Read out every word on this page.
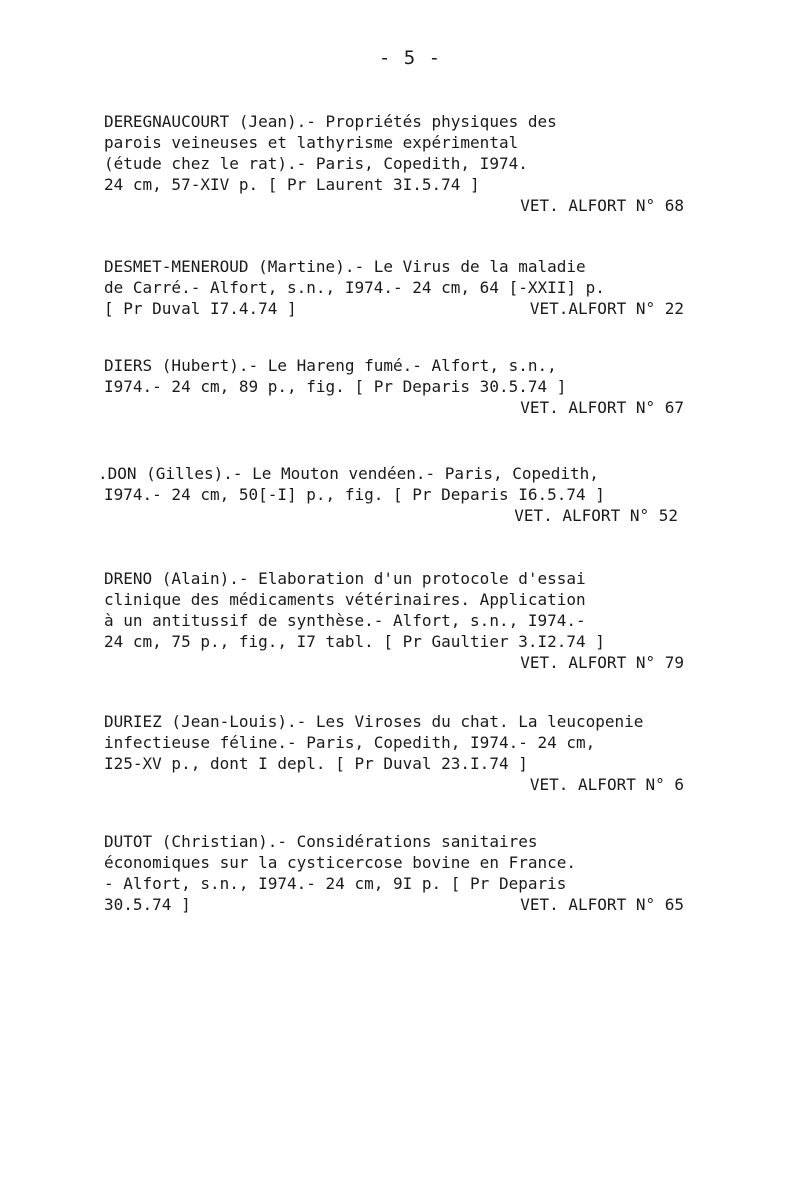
- 5 -
DEREGNAUCOURT (Jean).- Propriétés physiques des
parois veineuses et lathyrisme expérimental
(étude chez le rat).- Paris, Copedith, I974.
24 cm, 57-XIV p. [ Pr Laurent 3I.5.74 ]
VET. ALFORT N° 68
DESMET-MENEROUD (Martine).- Le Virus de la maladie
de Carré.- Alfort, s.n., I974.- 24 cm, 64 [-XXII] p.
[ Pr Duval I7.4.74 ]	VET.ALFORT N° 22
DIERS (Hubert).- Le Hareng fumé.- Alfort, s.n.,
I974.- 24 cm, 89 p., fig. [ Pr Deparis 30.5.74 ]
VET. ALFORT N° 67
.DON (Gilles).- Le Mouton vendéen.- Paris, Copedith,
I974.- 24 cm, 50[-I] p., fig. [ Pr Deparis I6.5.74 ]
VET. ALFORT N° 52
DRENO (Alain).- Elaboration d'un protocole d'essai
clinique des médicaments vétérinaires. Application
à un antitussif de synthèse.- Alfort, s.n., I974.-
24 cm, 75 p., fig., I7 tabl. [ Pr Gaultier 3.I2.74 ]
VET. ALFORT N° 79
DURIEZ (Jean-Louis).- Les Viroses du chat. La leucopenie
infectieuse féline.- Paris, Copedith, I974.- 24 cm,
I25-XV p., dont I depl. [ Pr Duval 23.I.74 ]
VET. ALFORT N° 6
DUTOT (Christian).- Considérations sanitaires
économiques sur la cysticercose bovine en France.
- Alfort, s.n., I974.- 24 cm, 9I p. [ Pr Deparis
30.5.74 ]	VET. ALFORT N° 65
